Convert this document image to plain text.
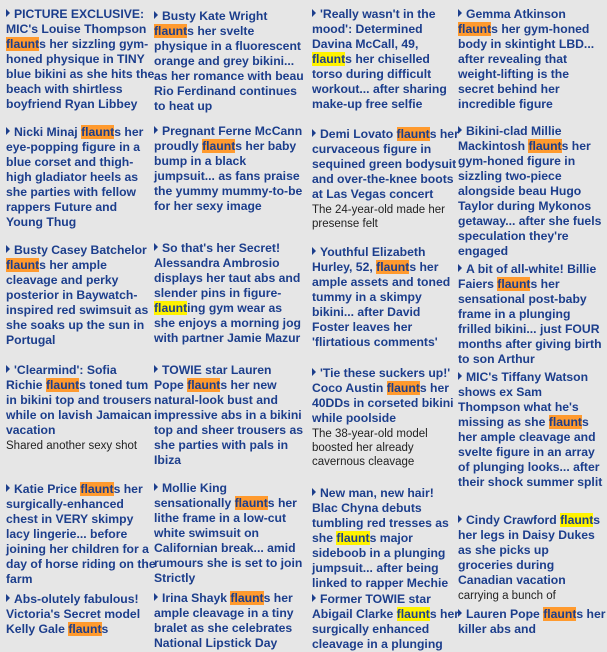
PICTURE EXCLUSIVE: MIC's Louise Thompson flaunts her sizzling gym-honed physique in TINY blue bikini as she hits the beach with shirtless boyfriend Ryan Libbey
Busty Kate Wright flaunts her svelte physique in a fluorescent orange and grey bikini... as her romance with beau Rio Ferdinand continues to heat up
'Really wasn't in the mood': Determined Davina McCall, 49, flaunts her chiselled torso during difficult workout... after sharing make-up free selfie
Gemma Atkinson flaunts her gym-honed body in skintight LBD... after revealing that weight-lifting is the secret behind her incredible figure
Nicki Minaj flaunts her eye-popping figure in a blue corset and thigh-high gladiator heels as she parties with fellow rappers Future and Young Thug
Pregnant Ferne McCann proudly flaunts her baby bump in a black jumpsuit... as fans praise the yummy mummy-to-be for her sexy image
Demi Lovato flaunts her curvaceous figure in sequined green bodysuit and over-the-knee boots at Las Vegas concert
The 24-year-old made her presense felt
Bikini-clad Millie Mackintosh flaunts her gym-honed figure in sizzling two-piece alongside beau Hugo Taylor during Mykonos getaway... after she fuels speculation they're engaged
Busty Casey Batchelor flaunts her ample cleavage and perky posterior in Baywatch-inspired red swimsuit as she soaks up the sun in Portugal
So that's her Secret! Alessandra Ambrosio displays her taut abs and slender pins in figure-flaunting gym wear as she enjoys a morning jog with partner Jamie Mazur
Youthful Elizabeth Hurley, 52, flaunts her ample assets and toned tummy in a skimpy bikini... after David Foster leaves her 'flirtatious comments'
A bit of all-white! Billie Faiers flaunts her sensational post-baby frame in a plunging frilled bikini... just FOUR months after giving birth to son Arthur
'Clearmind': Sofia Richie flaunts toned tum in bikini top and trousers while on lavish Jamaican vacation
Shared another sexy shot
TOWIE star Lauren Pope flaunts her new natural-look bust and impressive abs in a bikini top and sheer trousers as she parties with pals in Ibiza
'Tie these suckers up!' Coco Austin flaunts her 40DDs in corseted bikini while poolside
The 38-year-old model boosted her already cavernous cleavage
MIC's Tiffany Watson shows ex Sam Thompson what he's missing as she flaunts her ample cleavage and svelte figure in an array of plunging looks... after their shock summer split
Katie Price flaunts her surgically-enhanced chest in VERY skimpy lacy lingerie... before joining her children for a day of horse riding on the farm
Mollie King sensationally flaunts her lithe frame in a low-cut white swimsuit on Californian break... amid rumours she is set to join Strictly
New man, new hair! Blac Chyna debuts tumbling red tresses as she flaunts major sideboob in a plunging jumpsuit... after being linked to rapper Mechie
Cindy Crawford flaunts her legs in Daisy Dukes as she picks up groceries during Canadian vacation
carrying a bunch of
Abs-olutely fabulous! Victoria's Secret model Kelly Gale flaunts
Irina Shayk flaunts her ample cleavage in a tiny bralet as she celebrates National Lipstick Day
Former TOWIE star Abigail Clarke flaunts her surgically enhanced cleavage in a plunging
Lauren Pope flaunts her killer abs and
